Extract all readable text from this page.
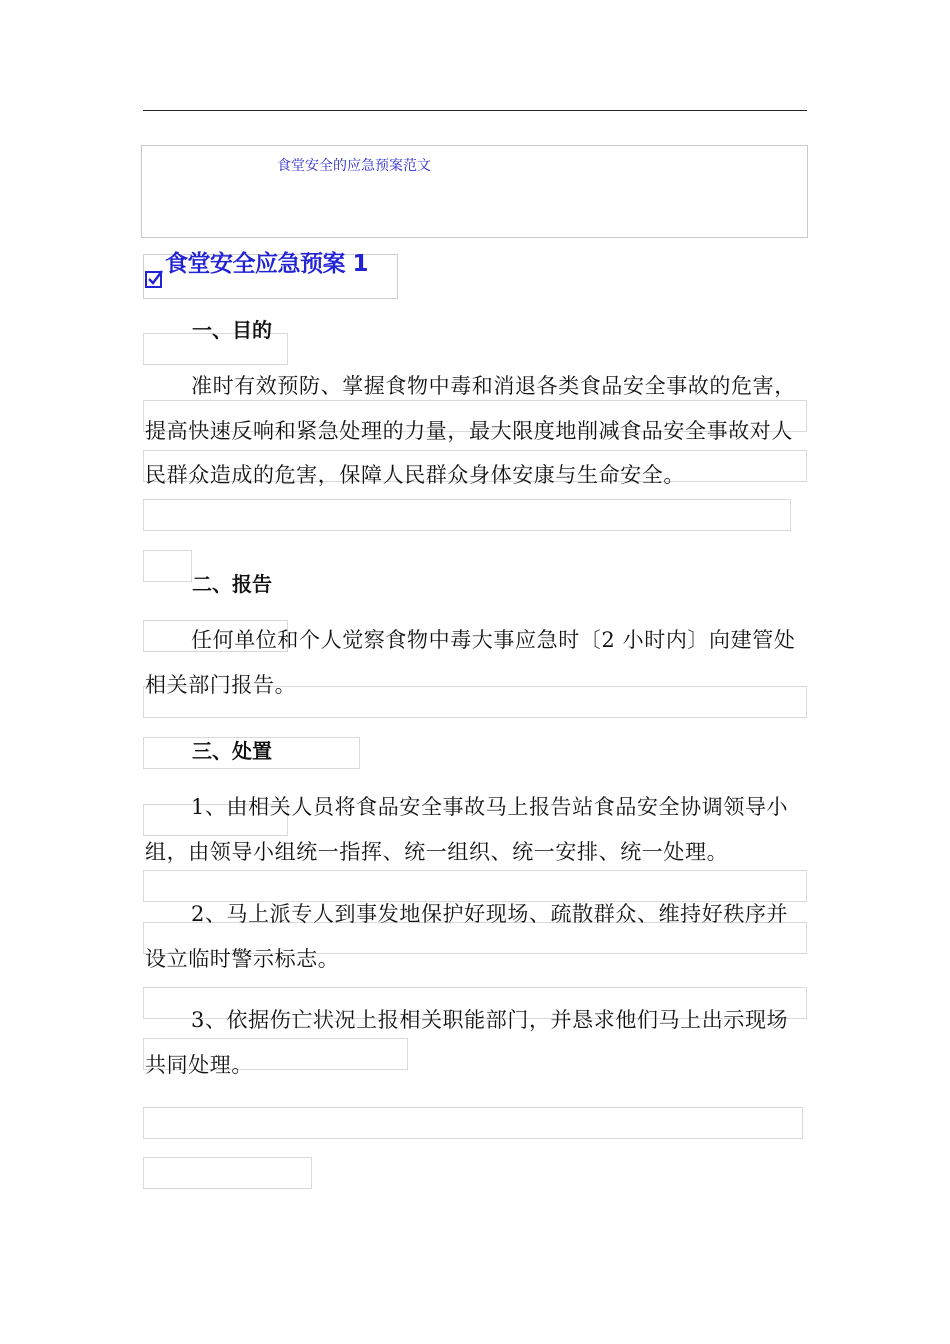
食堂安全的应急预案范文
食堂安全应急预案 1
一、目的
准时有效预防、掌握食物中毒和消退各类食品安全事故的危害，提高快速反响和紧急处理的力量，最大限度地削减食品安全事故对人民群众造成的危害，保障人民群众身体安康与生命安全。
二、报告
任何单位和个人觉察食物中毒大事应急时〔2 小时内〕向建管处相关部门报告。
三、处置
1、由相关人员将食品安全事故马上报告站食品安全协调领导小组，由领导小组统一指挥、统一组织、统一安排、统一处理。
2、马上派专人到事发地保护好现场、疏散群众、维持好秩序并设立临时警示标志。
3、依据伤亡状况上报相关职能部门，并恳求他们马上出示现场共同处理。
